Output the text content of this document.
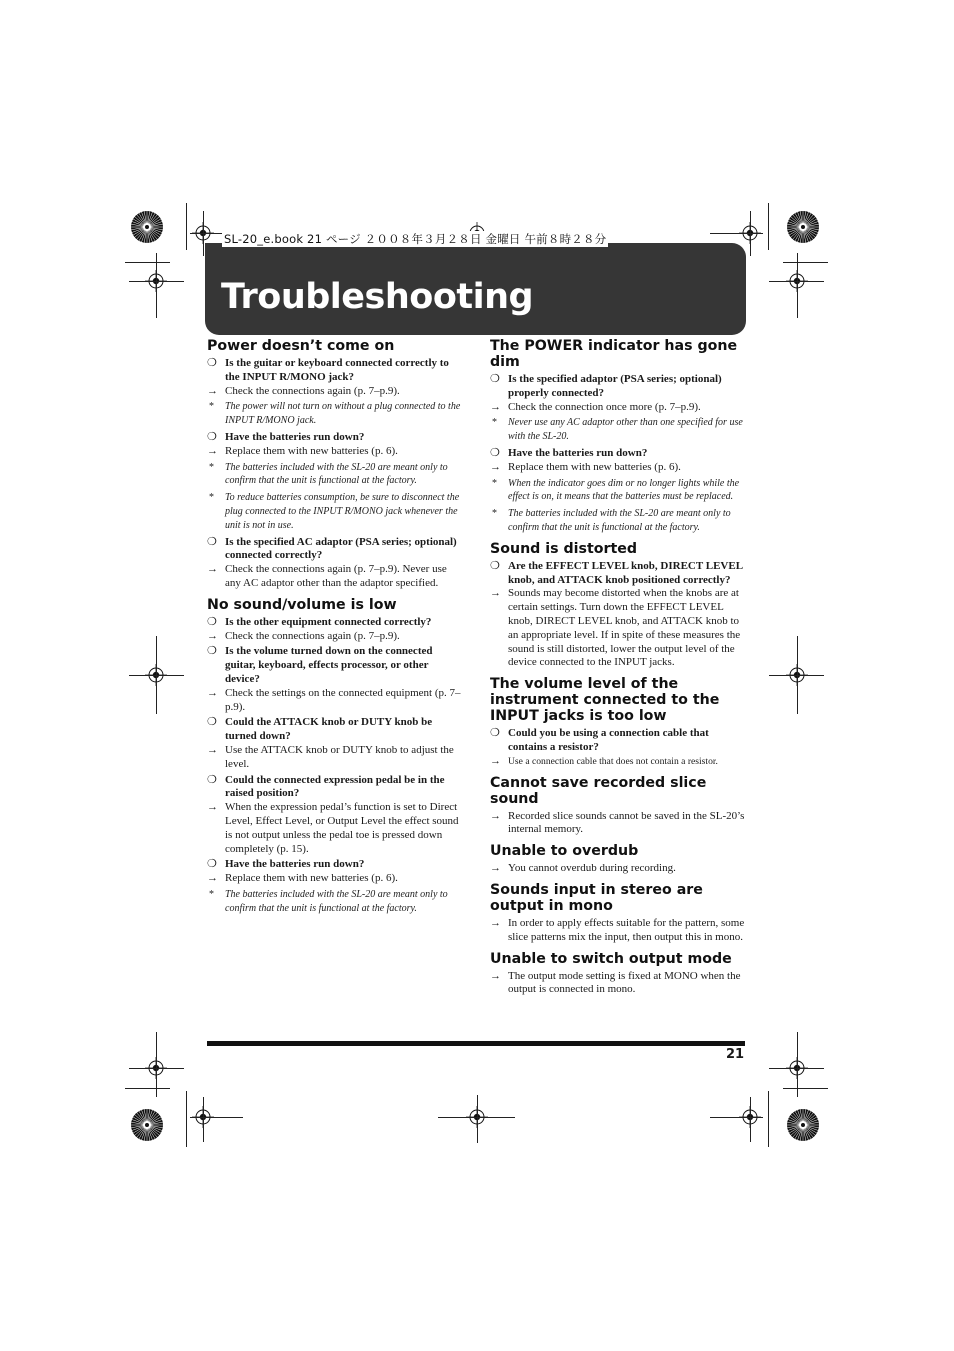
SL-20_e.book 21 ページ ２００８年３月２８日 金曜日 午前８時２８分
Troubleshooting
Power doesn’t come on
❍ Is the guitar or keyboard connected correctly to the INPUT R/MONO jack?
→ Check the connections again (p. 7–p.9).
* The power will not turn on without a plug connected to the INPUT R/MONO jack.
❍ Have the batteries run down?
→ Replace them with new batteries (p. 6).
* The batteries included with the SL-20 are meant only to confirm that the unit is functional at the factory.
* To reduce batteries consumption, be sure to disconnect the plug connected to the INPUT R/MONO jack whenever the unit is not in use.
❍ Is the specified AC adaptor (PSA series; optional) connected correctly?
→ Check the connections again (p. 7–p.9). Never use any AC adaptor other than the adaptor specified.
No sound/volume is low
❍ Is the other equipment connected correctly?
→ Check the connections again (p. 7–p.9).
❍ Is the volume turned down on the connected guitar, keyboard, effects processor, or other device?
→ Check the settings on the connected equipment (p. 7–p.9).
❍ Could the ATTACK knob or DUTY knob be turned down?
→ Use the ATTACK knob or DUTY knob to adjust the level.
❍ Could the connected expression pedal be in the raised position?
→ When the expression pedal’s function is set to Direct Level, Effect Level, or Output Level the effect sound is not output unless the pedal toe is pressed down completely (p. 15).
❍ Have the batteries run down?
→ Replace them with new batteries (p. 6).
* The batteries included with the SL-20 are meant only to confirm that the unit is functional at the factory.
The POWER indicator has gone dim
❍ Is the specified adaptor (PSA series; optional) properly connected?
→ Check the connection once more (p. 7–p.9).
* Never use any AC adaptor other than one specified for use with the SL-20.
❍ Have the batteries run down?
→ Replace them with new batteries (p. 6).
* When the indicator goes dim or no longer lights while the effect is on, it means that the batteries must be replaced.
* The batteries included with the SL-20 are meant only to confirm that the unit is functional at the factory.
Sound is distorted
❍ Are the EFFECT LEVEL knob, DIRECT LEVEL knob, and ATTACK knob positioned correctly?
→ Sounds may become distorted when the knobs are at certain settings. Turn down the EFFECT LEVEL knob, DIRECT LEVEL knob, and ATTACK knob to an appropriate level. If in spite of these measures the sound is still distorted, lower the output level of the device connected to the INPUT jacks.
The volume level of the instrument connected to the INPUT jacks is too low
❍ Could you be using a connection cable that contains a resistor?
→ Use a connection cable that does not contain a resistor.
Cannot save recorded slice sound
→ Recorded slice sounds cannot be saved in the SL-20’s internal memory.
Unable to overdub
→ You cannot overdub during recording.
Sounds input in stereo are output in mono
→ In order to apply effects suitable for the pattern, some slice patterns mix the input, then output this in mono.
Unable to switch output mode
→ The output mode setting is fixed at MONO when the output is connected in mono.
21
